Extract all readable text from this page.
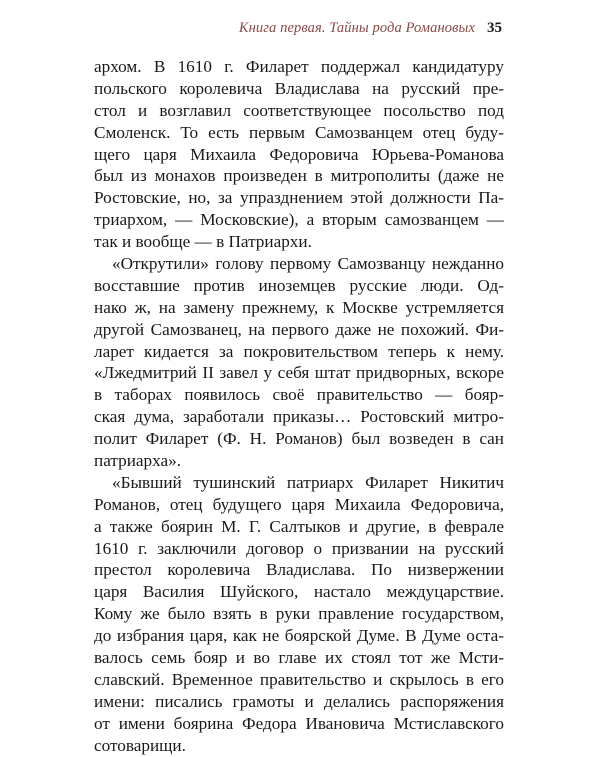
Книга первая. Тайны рода Романовых 35
архом. В 1610 г. Филарет поддержал кандидатуру
польского королевича Владислава на русский пре-
стол и возглавил соответствующее посольство под
Смоленск. То есть первым Самозванцем отец буду-
щего царя Михаила Федоровича Юрьева-Романова
был из монахов произведен в митрополиты (даже не
Ростовские, но, за упразднением этой должности Па-
триархом, — Московские), а вторым самозванцем —
так и вообще — в Патриархи.
«Открутили» голову первому Самозванцу нежданно
восставшие против иноземцев русские люди. Од-
нако ж, на замену прежнему, к Москве устремляется
другой Самозванец, на первого даже не похожий. Фи-
ларет кидается за покровительством теперь к нему.
«Лжедмитрий II завел у себя штат придворных, вскоре
в таборах появилось своё правительство — бояр-
ская дума, заработали приказы… Ростовский митро-
полит Филарет (Ф. Н. Романов) был возведен в сан
патриарха».
«Бывший тушинский патриарх Филарет Никитич
Романов, отец будущего царя Михаила Федоровича,
а также боярин М. Г. Салтыков и другие, в феврале
1610 г. заключили договор о призвании на русский
престол королевича Владислава. По низвержении
царя Василия Шуйского, настало междуцарствие.
Кому же было взять в руки правление государством,
до избрания царя, как не боярской Думе. В Думе оста-
валось семь бояр и во главе их стоял тот же Мсти-
славский. Временное правительство и скрылось в его
имени: писались грамоты и делались распоряжения
от имени боярина Федора Ивановича Мстиславского
сотоварищи.
